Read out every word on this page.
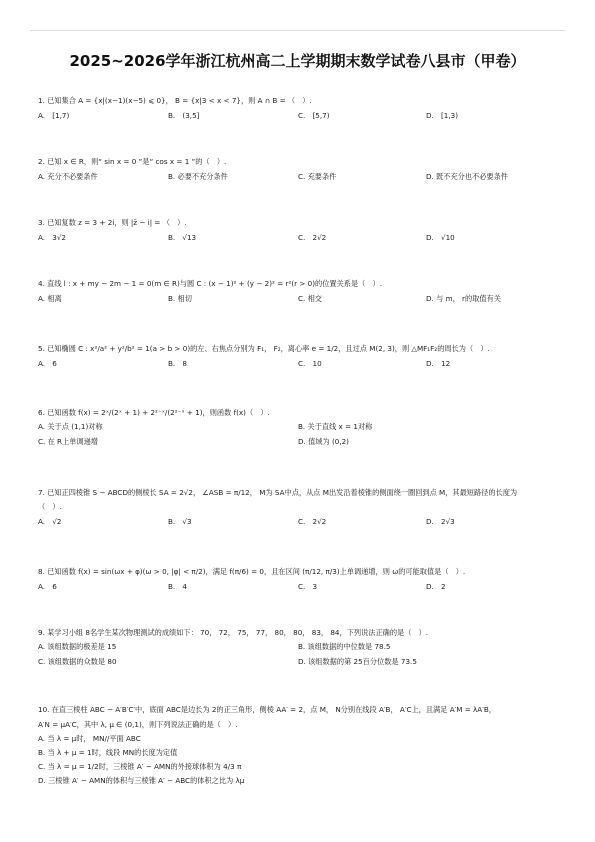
2025~2026学年浙江杭州高二上学期期末数学试卷八县市（甲卷）
1. 已知集合 A = {x|(x−1)(x−5) ⩽ 0}， B = {x|3 < x < 7}，则 A ∩ B = （　）.
A.　[1,7)	B.　(3,5]	C.　[5,7)	D.　[1,3)
2. 已知 x ∈ R，则“ sin x = 0 ”是“ cos x = 1 ”的（　）.
A. 充分不必要条件	B. 必要不充分条件	C. 充要条件	D. 既不充分也不必要条件
3. 已知复数 z = 3 + 2i，则 |z̄ − i| = （　）.
A.　3√2	B.　√13	C.　2√2	D.　√10
4. 直线 l : x + my − 2m − 1 = 0(m ∈ R)与圆 C : (x − 1)² + (y − 2)² = r²(r > 0)的位置关系是（　）.
A. 相离	B. 相切	C. 相交	D. 与 m， r的取值有关
5. 已知椭圆 C : x²/a² + y²/b² = 1(a > b > 0)的左、右焦点分别为 F₁， F₂，离心率 e = 1/2，且过点 M(2, 3)，则 △MF₁F₂的周长为（　）.
A.　6	B.　8	C.　10	D.　12
6. 已知函数 f(x) = 2ˣ/(2ˣ + 1) + 2²⁻ˣ/(2²⁻ˣ + 1)，则函数 f(x)（　）.
A. 关于点 (1,1)对称	B. 关于直线 x = 1对称
C. 在 R上单调递增	D. 值域为 (0,2)
7. 已知正四棱锥 S − ABCD的侧棱长 SA = 2√2， ∠ASB = π/12， M为 SA中点，从点 M出发沿着棱锥的侧面绕一圈回到点 M，其最短路径的长度为
（　）.
A.　√2	B.　√3	C.　2√2	D.　2√3
8. 已知函数 f(x) = sin(ωx + φ)(ω > 0, |φ| < π/2)，满足 f(π/6) = 0，且在区间 (π/12, π/3)上单调递增，则 ω的可能取值是（　）.
A.　6	B.　4	C.　3	D.　2
9. 某学习小组 8名学生某次物理测试的成绩如下： 70， 72， 75， 77， 80， 80， 83， 84，下列说法正确的是（　）.
A. 该组数据的极差是 15	B. 该组数据的中位数是 78.5
C. 该组数据的众数是 80	D. 该组数据的第 25百分位数是 73.5
10. 在直三棱柱 ABC − A′B′C′中，底面 ABC是边长为 2的正三角形，侧棱 AA′ = 2，点 M， N分别在线段 A′B， A′C上，且满足 A′M = λA′B，
A′N = μA′C，其中 λ, μ ∈ (0,1)，则下列说法正确的是（　）.
A. 当 λ = μ时， MN//平面 ABC
B. 当 λ + μ = 1时，线段 MN的长度为定值
C. 当 λ = μ = 1/2时，三棱锥 A′ − AMN的外接球体积为 4/3 π
D. 三棱锥 A′ − AMN的体积与三棱锥 A′ − ABC的体积之比为 λμ
